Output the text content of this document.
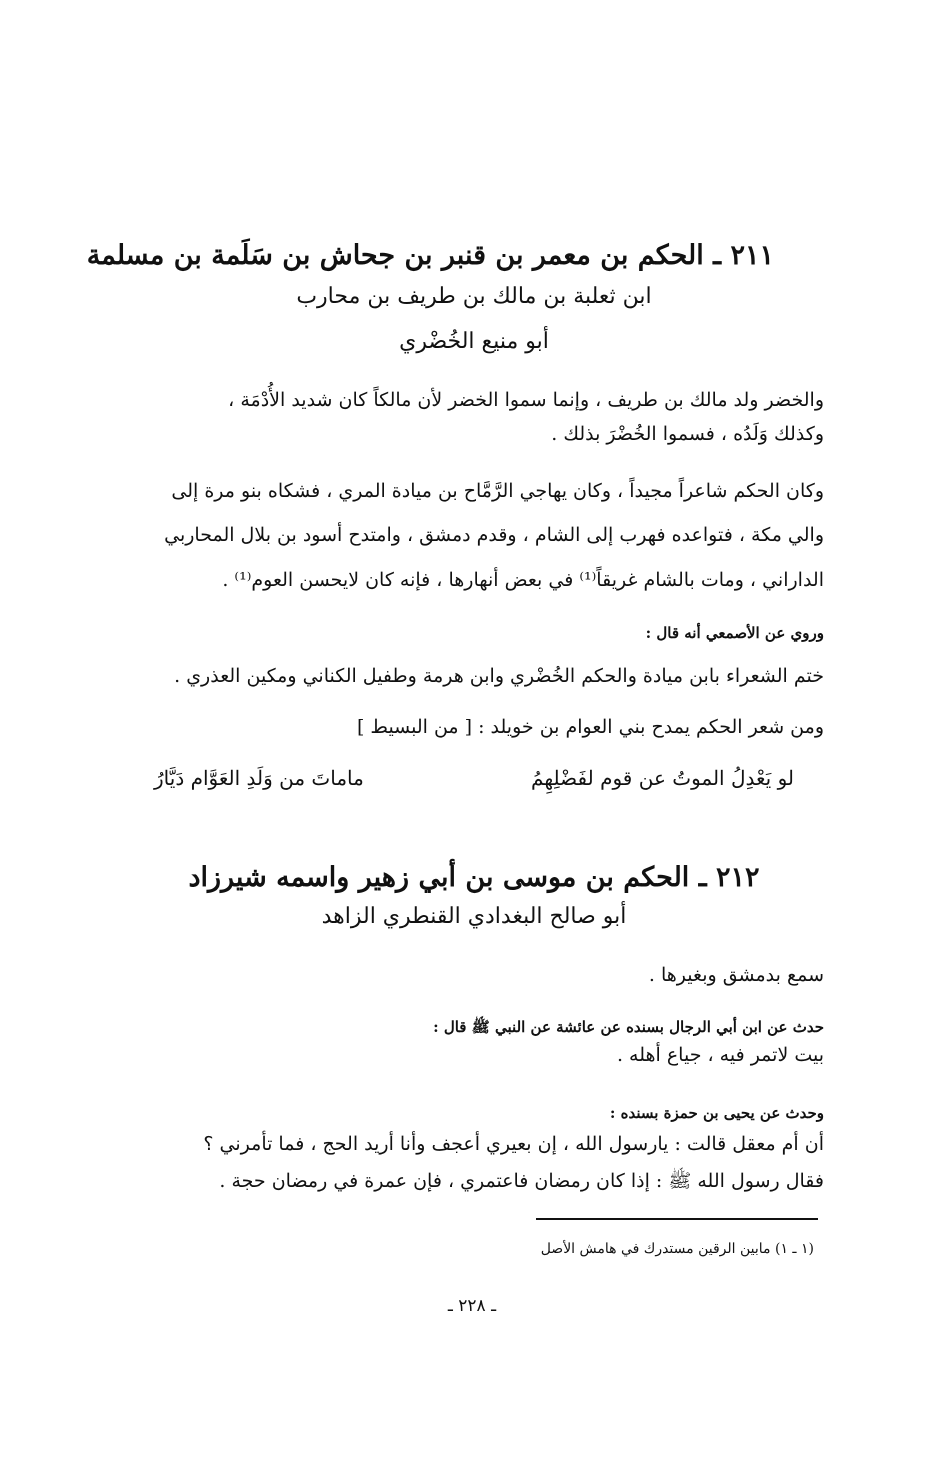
٢١١ ـ الحكم بن معمر بن قنبر بن جحاش بن سَلَمة بن مسلمة
ابن ثعلبة بن مالك بن طريف بن محارب
أبو منيع الخُضْري
والخضر ولد مالك بن طريف ، وإنما سموا الخضر لأن مالكاً كان شديد الأُدْمَة ،
وكذلك وَلَدُه ، فسموا الخُضْرَ بذلك .
وكان الحكم شاعراً مجيداً ، وكان يهاجي الرَّمَّاح بن ميادة المري ، فشكاه بنو مرة إلى
والي مكة ، فتواعده فهرب إلى الشام ، وقدم دمشق ، وامتدح أسود بن بلال المحاربي
الداراني ، ومات بالشام غريقاً⁽¹⁾ في بعض أنهارها ، فإنه كان لايحسن العوم⁽¹⁾ .
وروي عن الأصمعي أنه قال :
ختم الشعراء بابن ميادة والحكم الخُضْري وابن هرمة وطفيل الكناني ومكين العذري .
ومن شعر الحكم يمدح بني العوام بن خويلد : [ من البسيط ]
لو يَعْدِلُ الموتُ عن قوم لفَضْلِهِمُ
ماماتَ من وَلَدِ العَوَّام دَيَّارُ
٢١٢ ـ الحكم بن موسى بن أبي زهير واسمه شيرزاد
أبو صالح البغدادي القنطري الزاهد
سمع بدمشق وبغيرها .
حدث عن ابن أبي الرجال بسنده عن عائشة عن النبي ﷺ قال :
بيت لاتمر فيه ، جياع أهله .
وحدث عن يحيى بن حمزة بسنده :
أن أم معقل قالت : يارسول الله ، إن بعيري أعجف وأنا أريد الحج ، فما تأمرني ؟
فقال رسول الله ﷺ : إذا كان رمضان فاعتمري ، فإن عمرة في رمضان حجة .
(١ ـ ١) مابين الرقين مستدرك في هامش الأصل
ـ ٢٢٨ ـ
